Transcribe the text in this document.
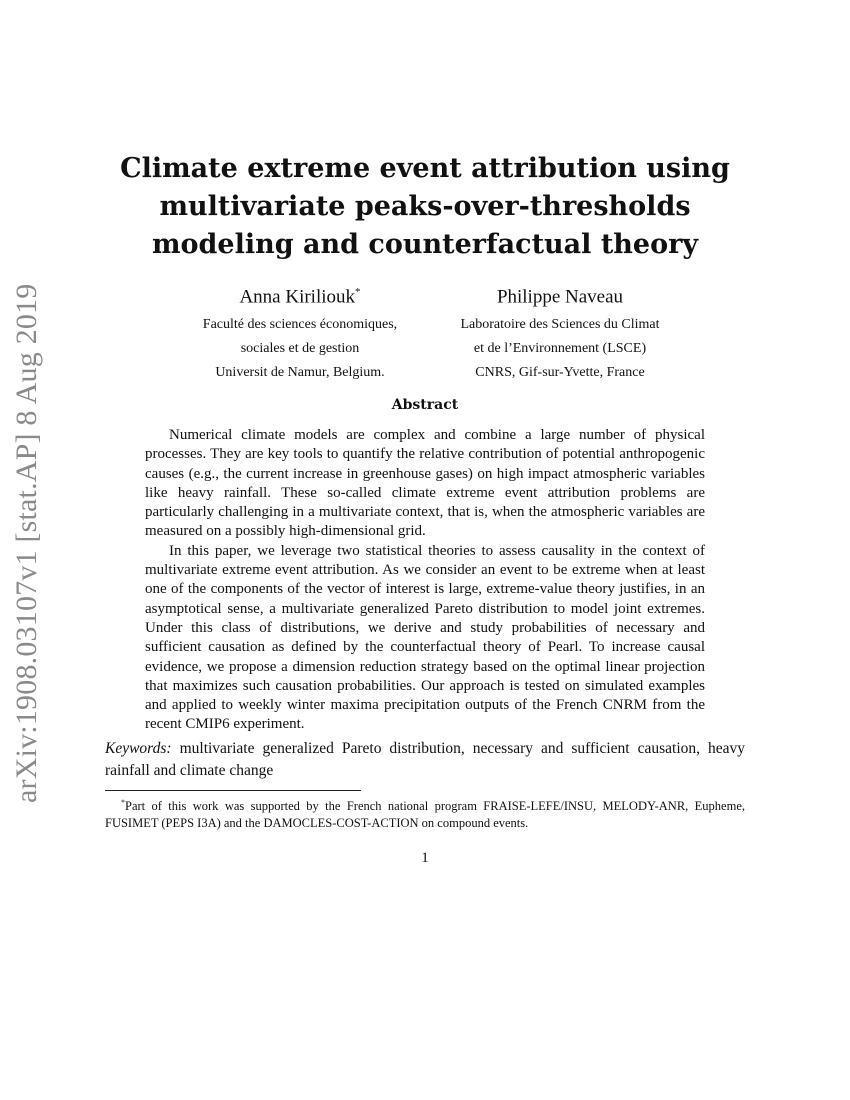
arXiv:1908.03107v1 [stat.AP] 8 Aug 2019
Climate extreme event attribution using multivariate peaks-over-thresholds modeling and counterfactual theory
Anna Kiriliouk*
Faculté des sciences économiques,
sociales et de gestion
Universit de Namur, Belgium.
Philippe Naveau
Laboratoire des Sciences du Climat
et de l’Environnement (LSCE)
CNRS, Gif-sur-Yvette, France
Abstract

Numerical climate models are complex and combine a large number of physical processes. They are key tools to quantify the relative contribution of potential anthropogenic causes (e.g., the current increase in greenhouse gases) on high impact atmospheric variables like heavy rainfall. These so-called climate extreme event attribution problems are particularly challenging in a multivariate context, that is, when the atmospheric variables are measured on a possibly high-dimensional grid.

In this paper, we leverage two statistical theories to assess causality in the context of multivariate extreme event attribution. As we consider an event to be extreme when at least one of the components of the vector of interest is large, extreme-value theory justifies, in an asymptotical sense, a multivariate generalized Pareto distribution to model joint extremes. Under this class of distributions, we derive and study probabilities of necessary and sufficient causation as defined by the counterfactual theory of Pearl. To increase causal evidence, we propose a dimension reduction strategy based on the optimal linear projection that maximizes such causation probabilities. Our approach is tested on simulated examples and applied to weekly winter maxima precipitation outputs of the French CNRM from the recent CMIP6 experiment.

Keywords: multivariate generalized Pareto distribution, necessary and sufficient causation, heavy rainfall and climate change

*Part of this work was supported by the French national program FRAISE-LEFE/INSU, MELODY-ANR, Eupheme, FUSIMET (PEPS I3A) and the DAMOCLES-COST-ACTION on compound events.

1
